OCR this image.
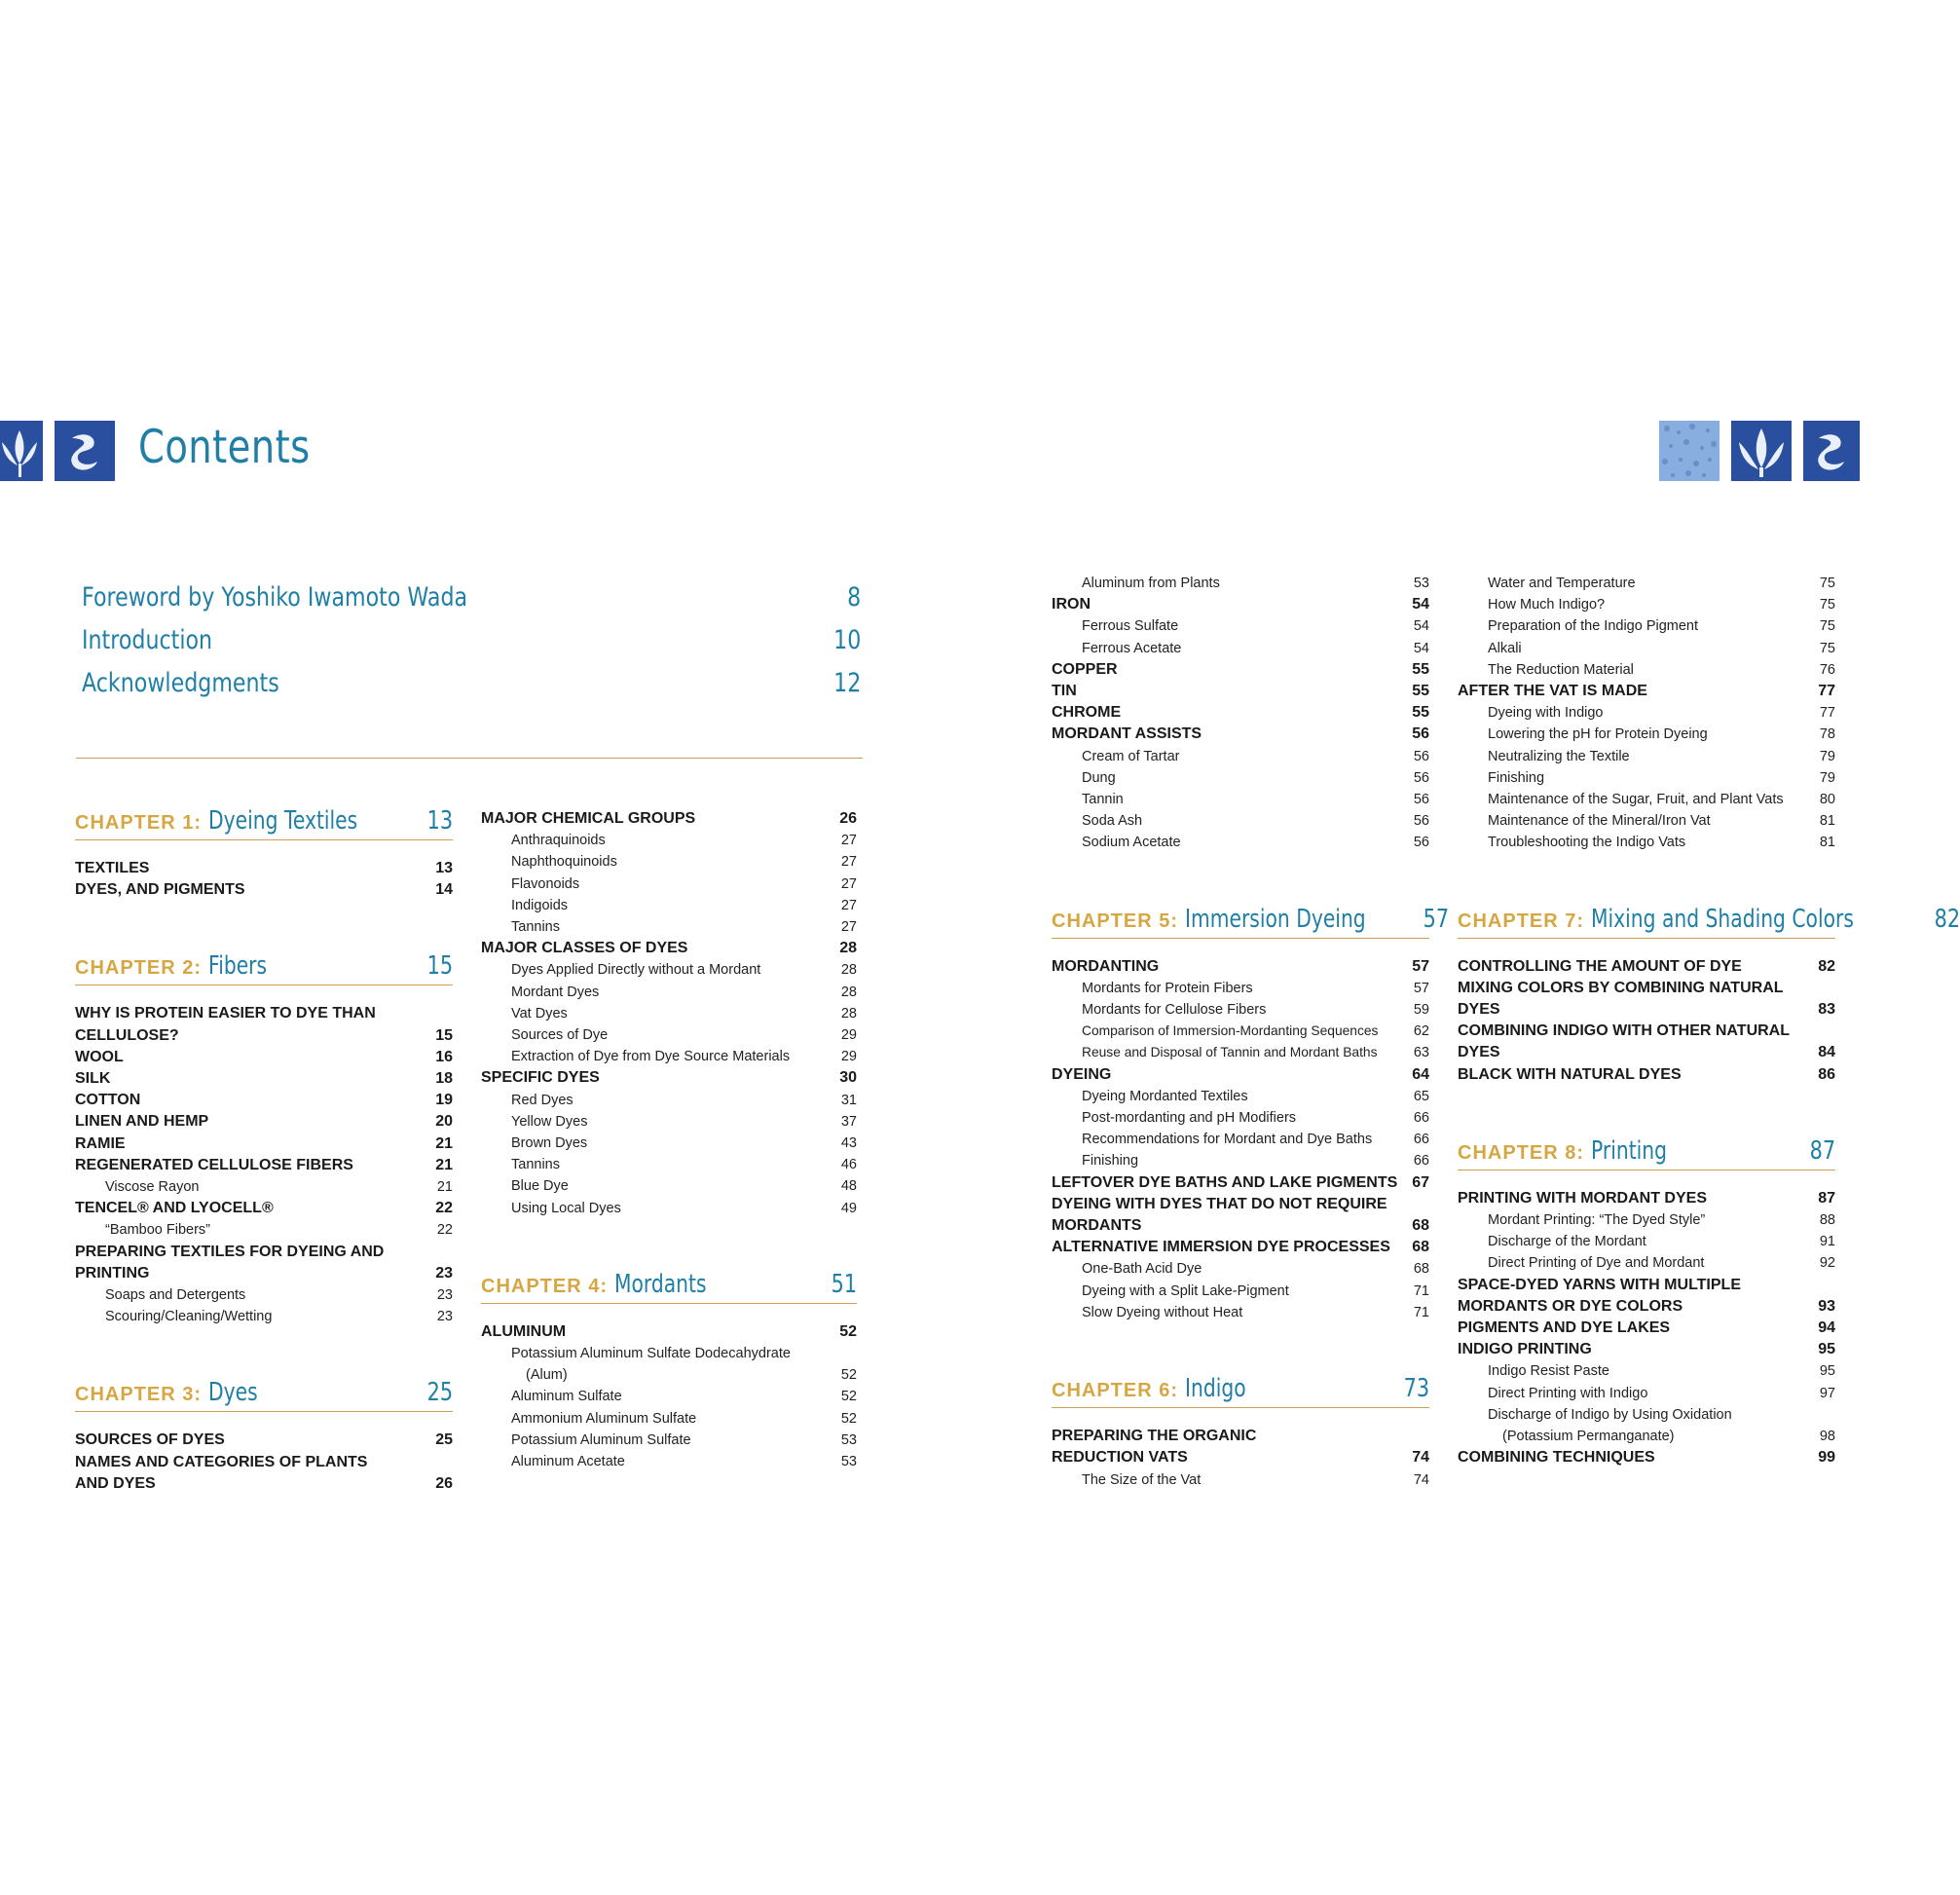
Contents
Foreword by Yoshiko Iwamoto Wada	8
Introduction	10
Acknowledgments	12
CHAPTER 1: Dyeing Textiles	13
TEXTILES	13
DYES, AND PIGMENTS	14
CHAPTER 2: Fibers	15
WHY IS PROTEIN EASIER TO DYE THAN
CELLULOSE?	15
WOOL	16
SILK	18
COTTON	19
LINEN AND HEMP	20
RAMIE	21
REGENERATED CELLULOSE FIBERS	21
Viscose Rayon	21
TENCEL® AND LYOCELL®	22
“Bamboo Fibers”	22
PREPARING TEXTILES FOR DYEING AND
PRINTING	23
Soaps and Detergents	23
Scouring/Cleaning/Wetting	23
CHAPTER 3: Dyes	25
SOURCES OF DYES	25
NAMES AND CATEGORIES OF PLANTS
AND DYES	26
MAJOR CHEMICAL GROUPS	26
Anthraquinoids	27
Naphthoquinoids	27
Flavonoids	27
Indigoids	27
Tannins	27
MAJOR CLASSES OF DYES	28
Dyes Applied Directly without a Mordant	28
Mordant Dyes	28
Vat Dyes	28
Sources of Dye	29
Extraction of Dye from Dye Source Materials	29
SPECIFIC DYES	30
Red Dyes	31
Yellow Dyes	37
Brown Dyes	43
Tannins	46
Blue Dye	48
Using Local Dyes	49
CHAPTER 4: Mordants	51
ALUMINUM	52
Potassium Aluminum Sulfate Dodecahydrate
(Alum)	52
Aluminum Sulfate	52
Ammonium Aluminum Sulfate	52
Potassium Aluminum Sulfate	53
Aluminum Acetate	53
Aluminum from Plants	53
IRON	54
Ferrous Sulfate	54
Ferrous Acetate	54
COPPER	55
TIN	55
CHROME	55
MORDANT ASSISTS	56
Cream of Tartar	56
Dung	56
Tannin	56
Soda Ash	56
Sodium Acetate	56
CHAPTER 5: Immersion Dyeing	57
MORDANTING	57
Mordants for Protein Fibers	57
Mordants for Cellulose Fibers	59
Comparison of Immersion-Mordanting Sequences	62
Reuse and Disposal of Tannin and Mordant Baths	63
DYEING	64
Dyeing Mordanted Textiles	65
Post-mordanting and pH Modifiers	66
Recommendations for Mordant and Dye Baths	66
Finishing	66
LEFTOVER DYE BATHS AND LAKE PIGMENTS 67
DYEING WITH DYES THAT DO NOT REQUIRE
MORDANTS	68
ALTERNATIVE IMMERSION DYE PROCESSES	68
One-Bath Acid Dye	68
Dyeing with a Split Lake-Pigment	71
Slow Dyeing without Heat	71
CHAPTER 6: Indigo	73
PREPARING THE ORGANIC
REDUCTION VATS	74
The Size of the Vat	74
Water and Temperature	75
How Much Indigo?	75
Preparation of the Indigo Pigment	75
Alkali	75
The Reduction Material	76
AFTER THE VAT IS MADE	77
Dyeing with Indigo	77
Lowering the pH for Protein Dyeing	78
Neutralizing the Textile	79
Finishing	79
Maintenance of the Sugar, Fruit, and Plant Vats	80
Maintenance of the Mineral/Iron Vat	81
Troubleshooting the Indigo Vats	81
CHAPTER 7: Mixing and Shading Colors	82
CONTROLLING THE AMOUNT OF DYE	82
MIXING COLORS BY COMBINING NATURAL
DYES	83
COMBINING INDIGO WITH OTHER NATURAL
DYES	84
BLACK WITH NATURAL DYES	86
CHAPTER 8: Printing	87
PRINTING WITH MORDANT DYES	87
Mordant Printing: “The Dyed Style”	88
Discharge of the Mordant	91
Direct Printing of Dye and Mordant	92
SPACE-DYED YARNS WITH MULTIPLE
MORDANTS OR DYE COLORS	93
PIGMENTS AND DYE LAKES	94
INDIGO PRINTING	95
Indigo Resist Paste	95
Direct Printing with Indigo	97
Discharge of Indigo by Using Oxidation
(Potassium Permanganate)	98
COMBINING TECHNIQUES	99
